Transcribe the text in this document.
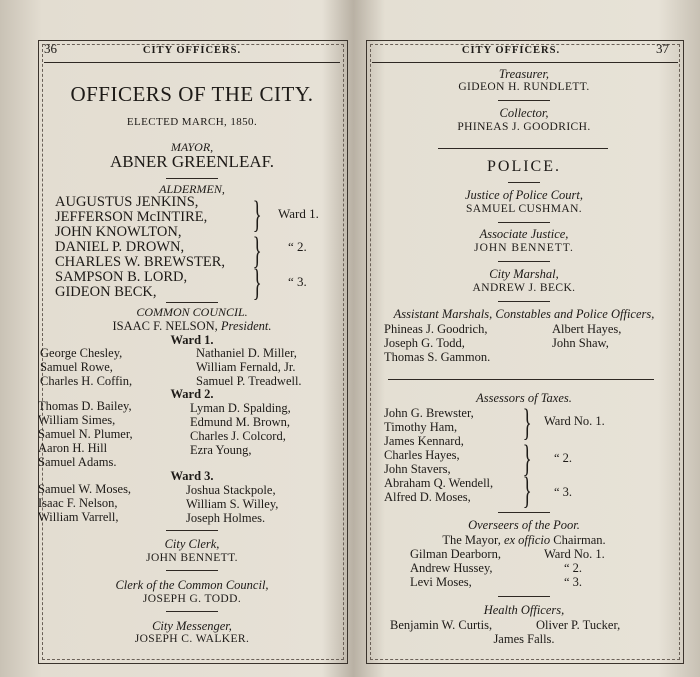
36	CITY OFFICERS.
OFFICERS OF THE CITY.
ELECTED MARCH, 1850.
MAYOR,
ABNER GREENLEAF.
ALDERMEN,
AUGUSTUS JENKINS,
JEFFERSON McINTIRE,
JOHN KNOWLTON,
DANIEL P. DROWN,
CHARLES W. BREWSTER,
SAMPSON B. LORD,
GIDEON BECK,
}
}
}
Ward 1.
“ 2.
“ 3.
COMMON COUNCIL.
ISAAC F. NELSON, President.
Ward 1.
George Chesley,
Samuel Rowe,
Charles H. Coffin,
Nathaniel D. Miller,
William Fernald, Jr.
Samuel P. Treadwell.
Ward 2.
Thomas D. Bailey,
William Simes,
Samuel N. Plumer,
Aaron H. Hill
Samuel Adams.
Lyman D. Spalding,
Edmund M. Brown,
Charles J. Colcord,
Ezra Young,
Ward 3.
Samuel W. Moses,
Isaac F. Nelson,
William Varrell,
Joshua Stackpole,
William S. Willey,
Joseph Holmes.
City Clerk,
JOHN BENNETT.
Clerk of the Common Council,
JOSEPH G. TODD.
City Messenger,
JOSEPH C. WALKER.
37
CITY OFFICERS.
Treasurer,
GIDEON H. RUNDLETT.
Collector,
PHINEAS J. GOODRICH.
POLICE.
Justice of Police Court,
SAMUEL CUSHMAN.
Associate Justice,
JOHN BENNETT.
City Marshal,
ANDREW J. BECK.
Assistant Marshals, Constables and Police Officers,
Phineas J. Goodrich,
Joseph G. Todd,
Thomas S. Gammon.
Albert Hayes,
John Shaw,
Assessors of Taxes.
John G. Brewster,
Timothy Ham,
James Kennard,
Charles Hayes,
John Stavers,
Abraham Q. Wendell,
Alfred D. Moses,
}
}
}
Ward No. 1.
“ 2.
“ 3.
Overseers of the Poor.
The Mayor, ex officio Chairman.
Gilman Dearborn,
Andrew Hussey,
Levi Moses,
Ward No. 1.
“ 2.
“ 3.
Health Officers,
Benjamin W. Curtis,	Oliver P. Tucker,
James Falls.
